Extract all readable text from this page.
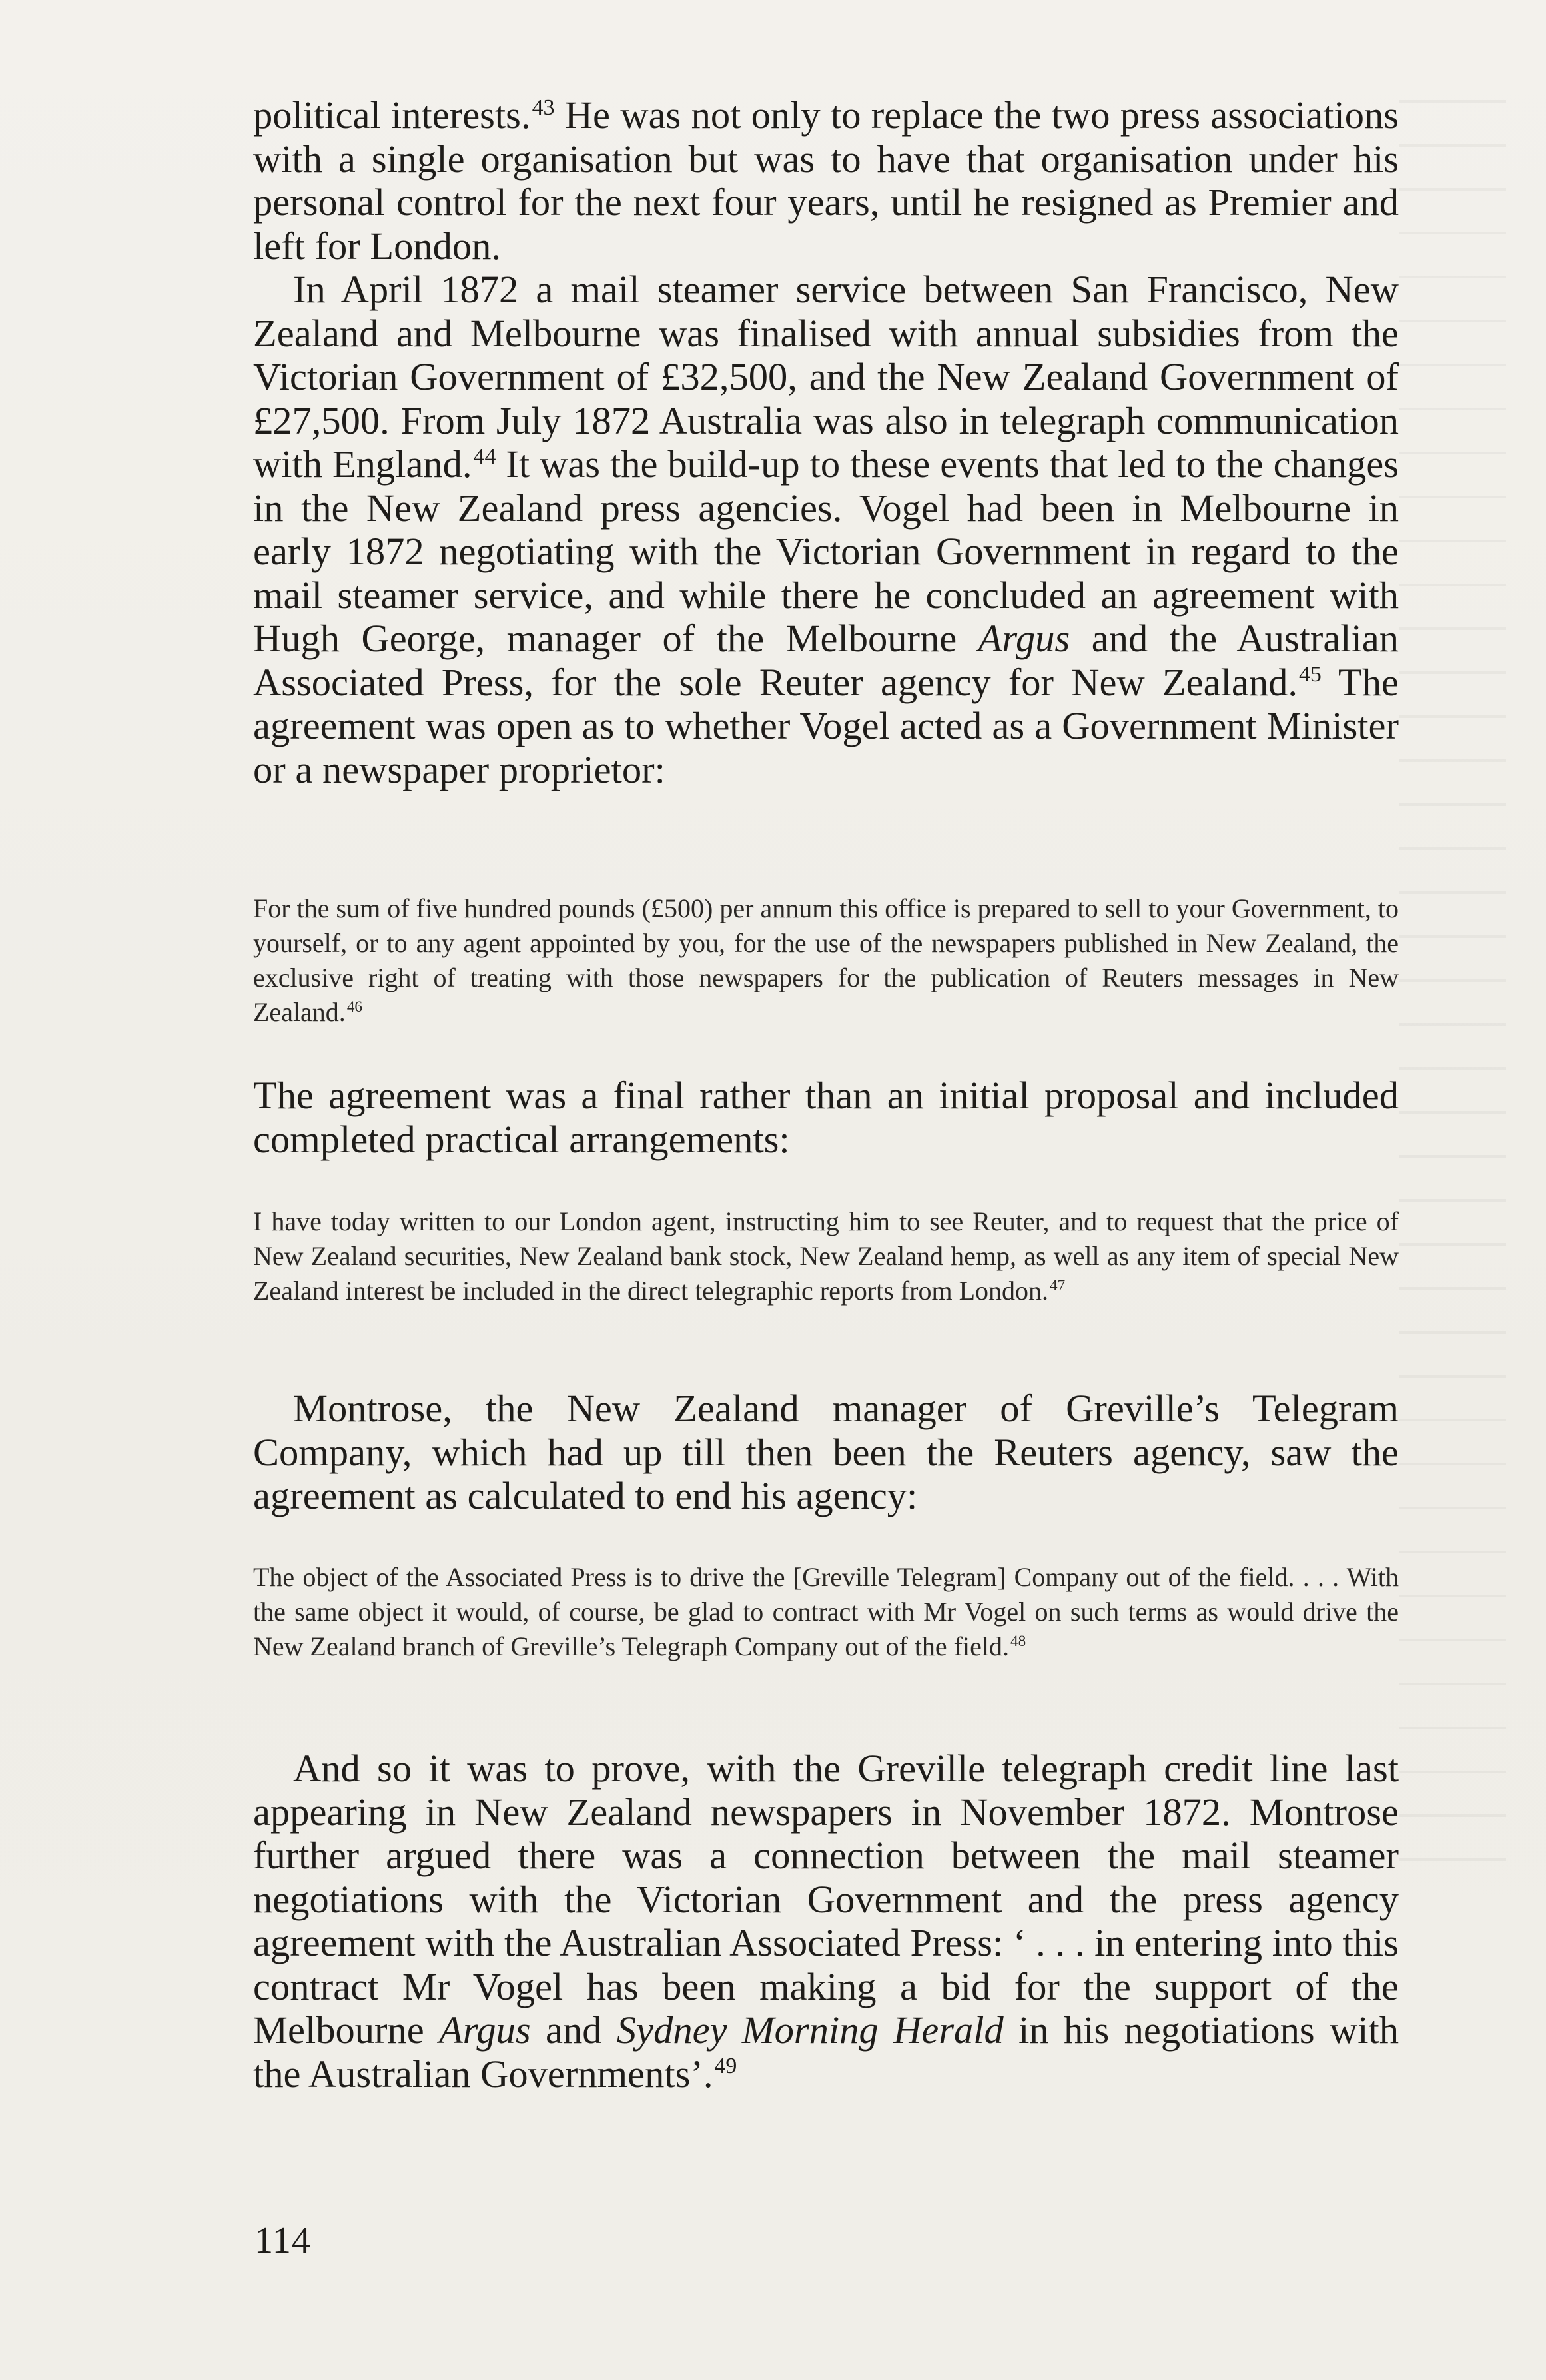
political interests.$^{43}$ He was not only to replace the two press associations with a single organisation but was to have that organisation under his personal control for the next four years, until he resigned as Premier and left for London.

In April 1872 a mail steamer service between San Francisco, New Zealand and Melbourne was finalised with annual subsidies from the Victorian Government of £32,500, and the New Zealand Government of £27,500. From July 1872 Australia was also in telegraph communication with England.$^{44}$ It was the build-up to these events that led to the changes in the New Zealand press agencies. Vogel had been in Melbourne in early 1872 negotiating with the Victorian Government in regard to the mail steamer service, and while there he concluded an agreement with Hugh George, manager of the Melbourne Argus and the Australian Associated Press, for the sole Reuter agency for New Zealand.$^{45}$ The agreement was open as to whether Vogel acted as a Government Minister or a newspaper proprietor:

For the sum of five hundred pounds (£500) per annum this office is prepared to sell to your Government, to yourself, or to any agent appointed by you, for the use of the newspapers published in New Zealand, the exclusive right of treating with those newspapers for the publication of Reuters messages in New Zealand.$^{46}$

The agreement was a final rather than an initial proposal and included completed practical arrangements:

I have today written to our London agent, instructing him to see Reuter, and to request that the price of New Zealand securities, New Zealand bank stock, New Zealand hemp, as well as any item of special New Zealand interest be included in the direct telegraphic reports from London.$^{47}$

Montrose, the New Zealand manager of Greville’s Telegram Company, which had up till then been the Reuters agency, saw the agreement as calculated to end his agency:

The object of the Associated Press is to drive the [Greville Telegram] Company out of the field. . . . With the same object it would, of course, be glad to contract with Mr Vogel on such terms as would drive the New Zealand branch of Greville’s Telegraph Company out of the field.$^{48}$

And so it was to prove, with the Greville telegraph credit line last appearing in New Zealand newspapers in November 1872. Montrose further argued there was a connection between the mail steamer negotiations with the Victorian Government and the press agency agreement with the Australian Associated Press: ‘ . . . in entering into this contract Mr Vogel has been making a bid for the support of the Melbourne Argus and Sydney Morning Herald in his negotiations with the Australian Governments’.$^{49}$

114
